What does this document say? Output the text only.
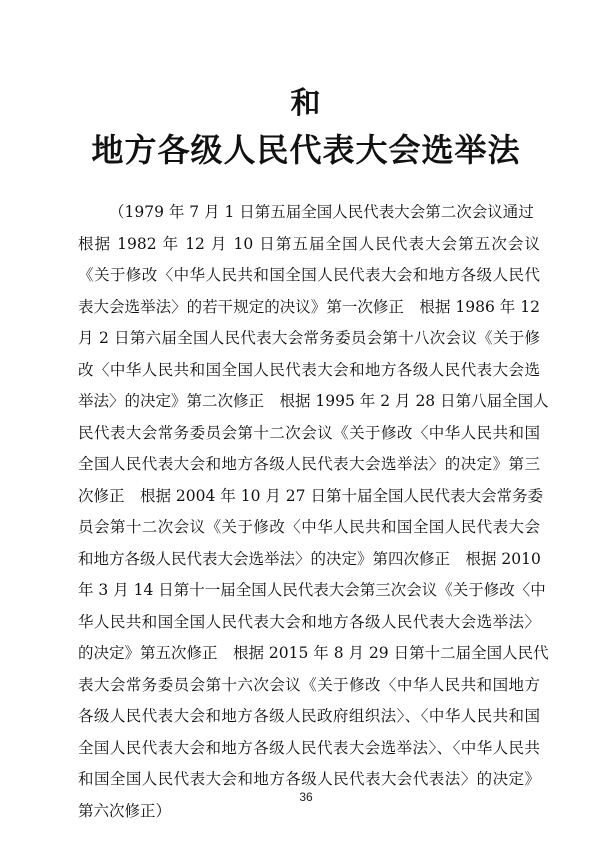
和
地方各级人民代表大会选举法
（1979 年 7 月 1 日第五届全国人民代表大会第二次会议通过
根据 1982 年 12 月 10 日第五届全国人民代表大会第五次会议
《关于修改〈中华人民共和国全国人民代表大会和地方各级人民代
表大会选举法〉的若干规定的决议》第一次修正　根据 1986 年 12
月 2 日第六届全国人民代表大会常务委员会第十八次会议《关于修
改〈中华人民共和国全国人民代表大会和地方各级人民代表大会选
举法〉的决定》第二次修正　根据 1995 年 2 月 28 日第八届全国人
民代表大会常务委员会第十二次会议《关于修改〈中华人民共和国
全国人民代表大会和地方各级人民代表大会选举法〉的决定》第三
次修正　根据 2004 年 10 月 27 日第十届全国人民代表大会常务委
员会第十二次会议《关于修改〈中华人民共和国全国人民代表大会
和地方各级人民代表大会选举法〉的决定》第四次修正　根据 2010
年 3 月 14 日第十一届全国人民代表大会第三次会议《关于修改〈中
华人民共和国全国人民代表大会和地方各级人民代表大会选举法〉
的决定》第五次修正　根据 2015 年 8 月 29 日第十二届全国人民代
表大会常务委员会第十六次会议《关于修改〈中华人民共和国地方
各级人民代表大会和地方各级人民政府组织法〉、〈中华人民共和国
全国人民代表大会和地方各级人民代表大会选举法〉、〈中华人民共
和国全国人民代表大会和地方各级人民代表大会代表法〉的决定》
第六次修正）
36
